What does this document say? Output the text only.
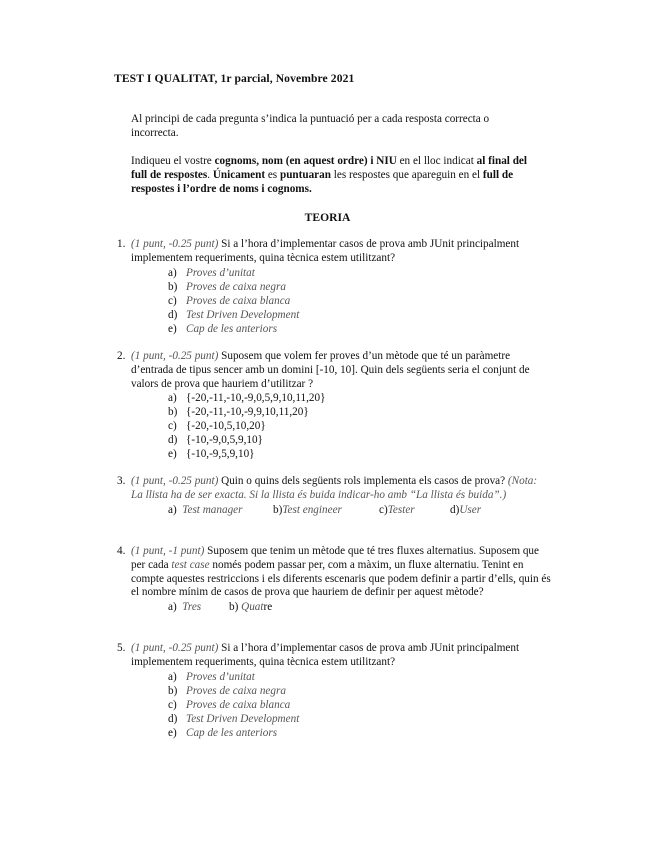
TEST I QUALITAT, 1r parcial, Novembre 2021
Al principi de cada pregunta s’indica la puntuació per a cada resposta correcta o incorrecta.
Indiqueu el vostre cognoms, nom (en aquest ordre) i NIU en el lloc indicat al final del full de respostes. Únicament es puntuaran les respostes que apareguin en el full de respostes i l’ordre de noms i cognoms.
TEORIA
1. (1 punt, -0.25 punt) Si a l’hora d’implementar casos de prova amb JUnit principalment implementem requeriments, quina tècnica estem utilitzant?
a) Proves d’unitat
b) Proves de caixa negra
c) Proves de caixa blanca
d) Test Driven Development
e) Cap de les anteriors
2. (1 punt, -0.25 punt) Suposem que volem fer proves d’un mètode que té un paràmetre d’entrada de tipus sencer amb un domini [-10, 10]. Quin dels següents seria el conjunt de valors de prova que hauriem d’utilitzar ?
a) {-20,-11,-10,-9,0,5,9,10,11,20}
b) {-20,-11,-10,-9,9,10,11,20}
c) {-20,-10,5,10,20}
d) {-10,-9,0,5,9,10}
e) {-10,-9,5,9,10}
3. (1 punt, -0.25 punt) Quin o quins dels següents rols implementa els casos de prova? (Nota: La llista ha de ser exacta. Si la llista és buida indicar-ho amb “La llista és buida”.)
a) Test manager	b)Test engineer	c)Tester	d)User
4. (1 punt, -1 punt) Suposem que tenim un mètode que té tres fluxes alternatius. Suposem que per cada test case només podem passar per, com a màxim, un fluxe alternatiu. Tenint en compte aquestes restriccions i els diferents escenaris que podem definir a partir d’ells, quin és el nombre mínim de casos de prova que hauriem de definir per aquest mètode?
a) Tres	b) Quatre
5. (1 punt, -0.25 punt) Si a l’hora d’implementar casos de prova amb JUnit principalment implementem requeriments, quina tècnica estem utilitzant?
a) Proves d’unitat
b) Proves de caixa negra
c) Proves de caixa blanca
d) Test Driven Development
e) Cap de les anteriors
